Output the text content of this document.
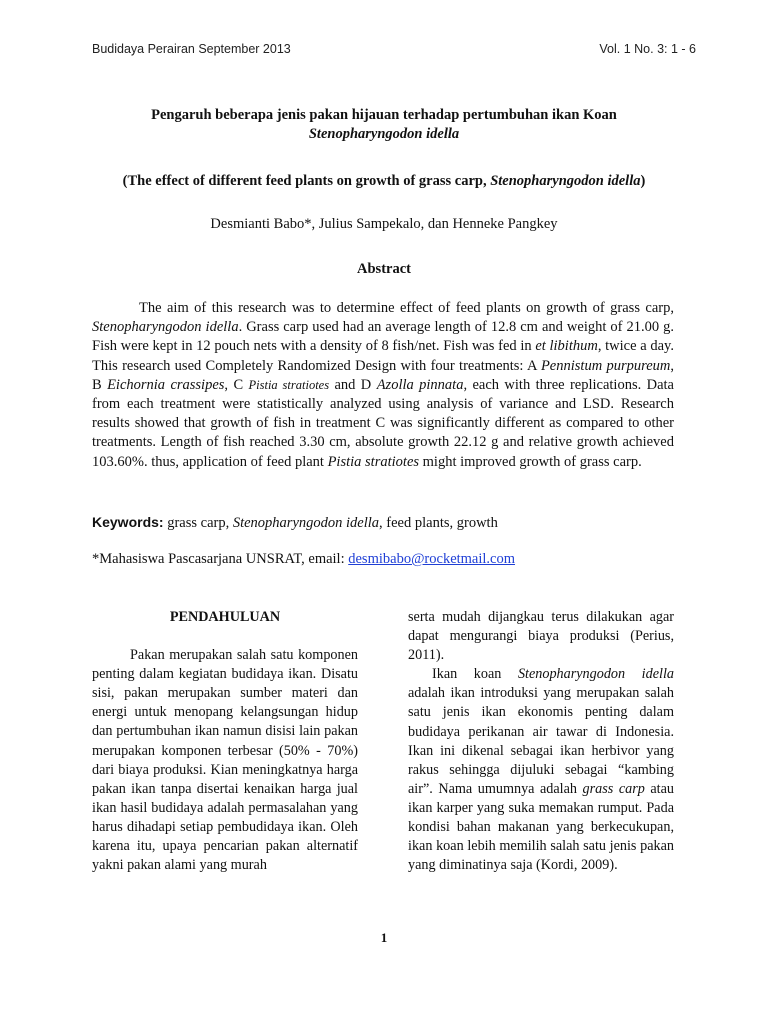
Budidaya Perairan September 2013	Vol. 1 No. 3: 1 - 6
Pengaruh beberapa jenis pakan hijauan terhadap pertumbuhan ikan Koan
Stenopharyngodon idella
(The effect of different feed plants on growth of grass carp, Stenopharyngodon idella)
Desmianti Babo*, Julius Sampekalo, dan Henneke Pangkey
Abstract

The aim of this research was to determine effect of feed plants on growth of grass carp, Stenopharyngodon idella. Grass carp used had an average length of 12.8 cm and weight of 21.00 g. Fish were kept in 12 pouch nets with a density of 8 fish/net. Fish was fed in et libithum, twice a day. This research used Completely Randomized Design with four treatments: A Pennistum purpureum, B Eichornia crassipes, C Pistia stratiotes and D Azolla pinnata, each with three replications. Data from each treatment were statistically analyzed using analysis of variance and LSD. Research results showed that growth of fish in treatment C was significantly different as compared to other treatments. Length of fish reached 3.30 cm, absolute growth 22.12 g and relative growth achieved 103.60%. thus, application of feed plant Pistia stratiotes might improved growth of grass carp.

Keywords: grass carp, Stenopharyngodon idella, feed plants, growth
*Mahasiswa Pascasarjana UNSRAT, email: desmibabo@rocketmail.com

PENDAHULUAN

Pakan merupakan salah satu komponen penting dalam kegiatan budidaya ikan. Disatu sisi, pakan merupakan sumber materi dan energi untuk menopang kelangsungan hidup dan pertumbuhan ikan namun disisi lain pakan merupakan komponen terbesar (50% - 70%) dari biaya produksi. Kian meningkatnya harga pakan ikan tanpa disertai kenaikan harga jual ikan hasil budidaya adalah permasalahan yang harus dihadapi setiap pembudidaya ikan. Oleh karena itu, upaya pencarian pakan alternatif yakni pakan alami yang murah

serta mudah dijangkau terus dilakukan agar dapat mengurangi biaya produksi (Perius, 2011).

Ikan koan Stenopharyngodon idella adalah ikan introduksi yang merupakan salah satu jenis ikan ekonomis penting dalam budidaya perikanan air tawar di Indonesia. Ikan ini dikenal sebagai ikan herbivor yang rakus sehingga dijuluki sebagai “kambing air”. Nama umumnya adalah grass carp atau ikan karper yang suka memakan rumput. Pada kondisi bahan makanan yang berkecukupan, ikan koan lebih memilih salah satu jenis pakan yang diminatinya saja (Kordi, 2009).

1
